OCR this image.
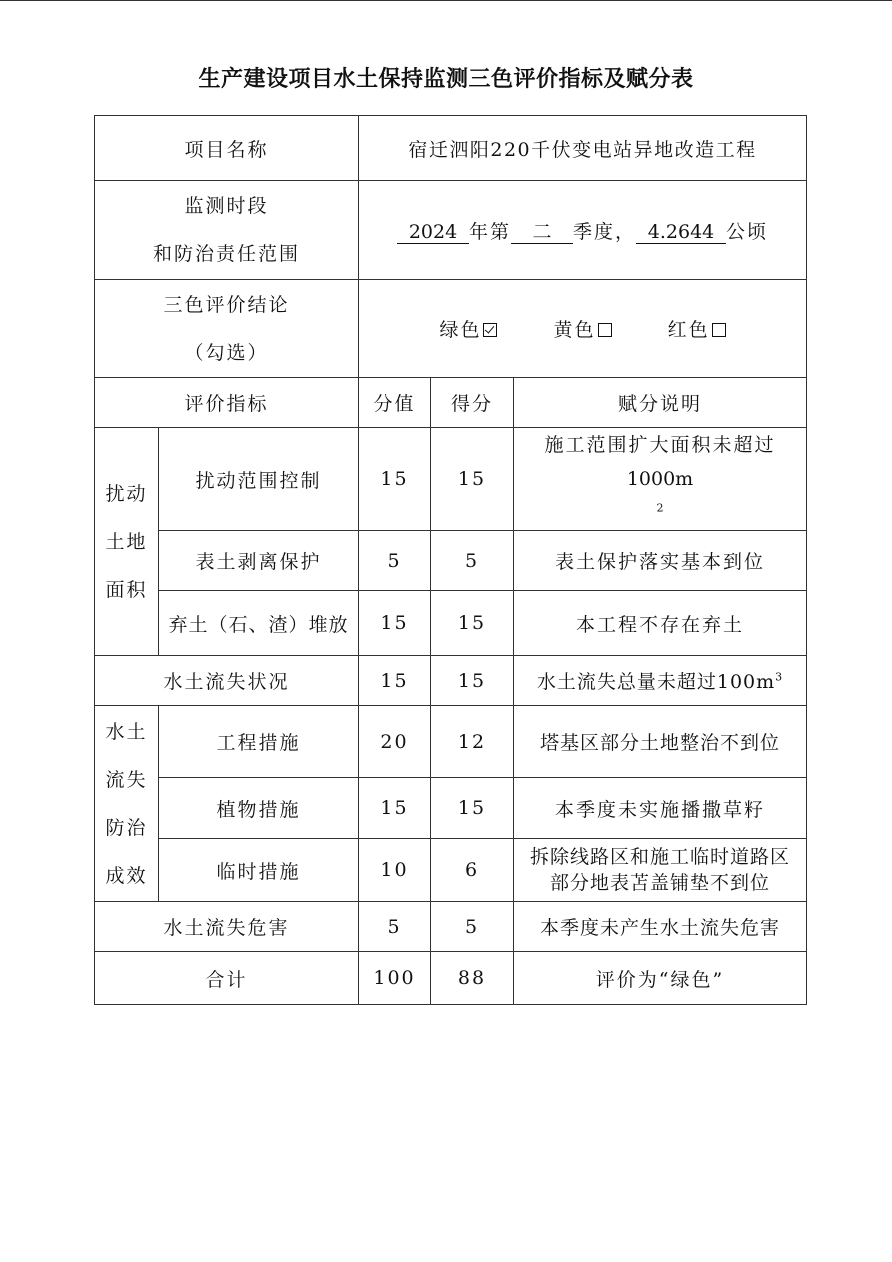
生产建设项目水土保持监测三色评价指标及赋分表
项目名称		宿迁泗阳220千伏变电站异地改造工程		

监测时段
和防治责任范围		2024 年第 二 季度， 4.2644 公顷		

三色评价结论
（勾选）		绿色 黄色 红色		
评价指标		分值	得分	赋分说明

扰动
土地
面积	扰动范围控制	15	15	施工范围扩大面积未超过
1000m
$^2$

	表土剥离保护	5	5	表土保护落实基本到位
	弃土（石、渣）堆放	15	15	本工程不存在弃土
水土流失状况		15	15	水土流失总量未超过$100m^3$

水土
流失
防治
成效	工程措施	20	12	塔基区部分土地整治不到位
	植物措施	15	15	本季度未实施播撒草籽
	临时措施	10	6	拆除线路区和施工临时道路区
部分地表苫盖铺垫不到位

水土流失危害		5	5	本季度未产生水土流失危害
合计		100	88	评价为“绿色”
